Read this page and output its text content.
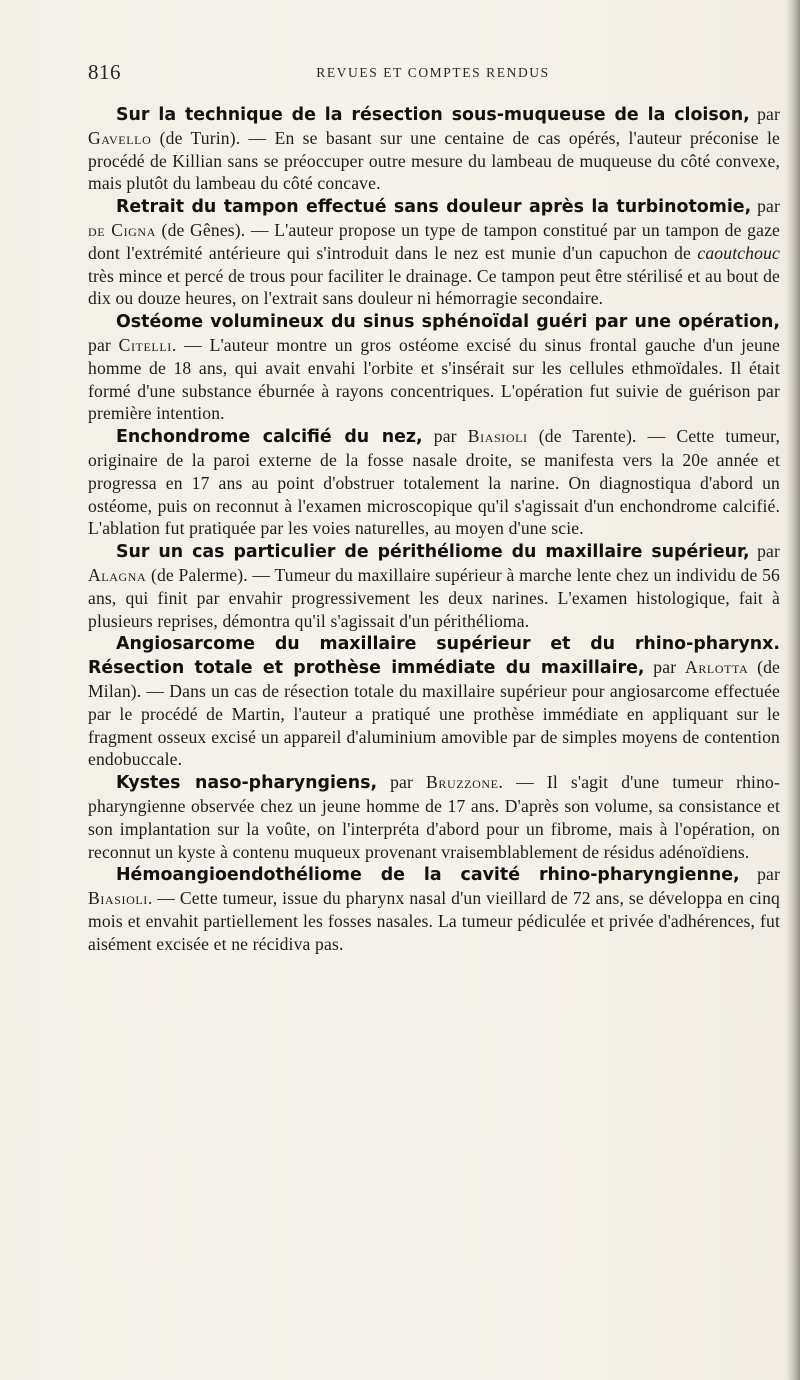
816	REVUES ET COMPTES RENDUS

Sur la technique de la résection sous-muqueuse de la cloison, par Gavello (de Turin). — En se basant sur une centaine de cas opérés, l'auteur préconise le procédé de Killian sans se préoccuper outre mesure du lambeau de muqueuse du côté convexe, mais plutôt du lambeau du côté concave.

Retrait du tampon effectué sans douleur après la turbinotomie, par de Cigna (de Gênes). — L'auteur propose un type de tampon constitué par un tampon de gaze dont l'extrémité antérieure qui s'introduit dans le nez est munie d'un capuchon de caoutchouc très mince et percé de trous pour faciliter le drainage. Ce tampon peut être stérilisé et au bout de dix ou douze heures, on l'extrait sans douleur ni hémorragie secondaire.

Ostéome volumineux du sinus sphénoïdal guéri par une opération, par Citelli. — L'auteur montre un gros ostéome excisé du sinus frontal gauche d'un jeune homme de 18 ans, qui avait envahi l'orbite et s'insérait sur les cellules ethmoïdales. Il était formé d'une substance éburnée à rayons concentriques. L'opération fut suivie de guérison par première intention.

Enchondrome calcifié du nez, par Biasioli (de Tarente). — Cette tumeur, originaire de la paroi externe de la fosse nasale droite, se manifesta vers la 20e année et progressa en 17 ans au point d'obstruer totalement la narine. On diagnostiqua d'abord un ostéome, puis on reconnut à l'examen microscopique qu'il s'agissait d'un enchondrome calcifié. L'ablation fut pratiquée par les voies naturelles, au moyen d'une scie.

Sur un cas particulier de périthéliome du maxillaire supérieur, par Alagna (de Palerme). — Tumeur du maxillaire supérieur à marche lente chez un individu de 56 ans, qui finit par envahir progressivement les deux narines. L'examen histologique, fait à plusieurs reprises, démontra qu'il s'agissait d'un périthélioma.

Angiosarcome du maxillaire supérieur et du rhino-pharynx. Résection totale et prothèse immédiate du maxillaire, par Arlotta (de Milan). — Dans un cas de résection totale du maxillaire supérieur pour angiosarcome effectuée par le procédé de Martin, l'auteur a pratiqué une prothèse immédiate en appliquant sur le fragment osseux excisé un appareil d'aluminium amovible par de simples moyens de contention endobuccale.

Kystes naso-pharyngiens, par Bruzzone. — Il s'agit d'une tumeur rhino-pharyngienne observée chez un jeune homme de 17 ans. D'après son volume, sa consistance et son implantation sur la voûte, on l'interpréta d'abord pour un fibrome, mais à l'opération, on reconnut un kyste à contenu muqueux provenant vraisemblablement de résidus adénoïdiens.

Hémoangioendothéliome de la cavité rhino-pharyngienne, par Biasioli. — Cette tumeur, issue du pharynx nasal d'un vieillard de 72 ans, se développa en cinq mois et envahit partiellement les fosses nasales. La tumeur pédiculée et privée d'adhérences, fut aisément excisée et ne récidiva pas.
